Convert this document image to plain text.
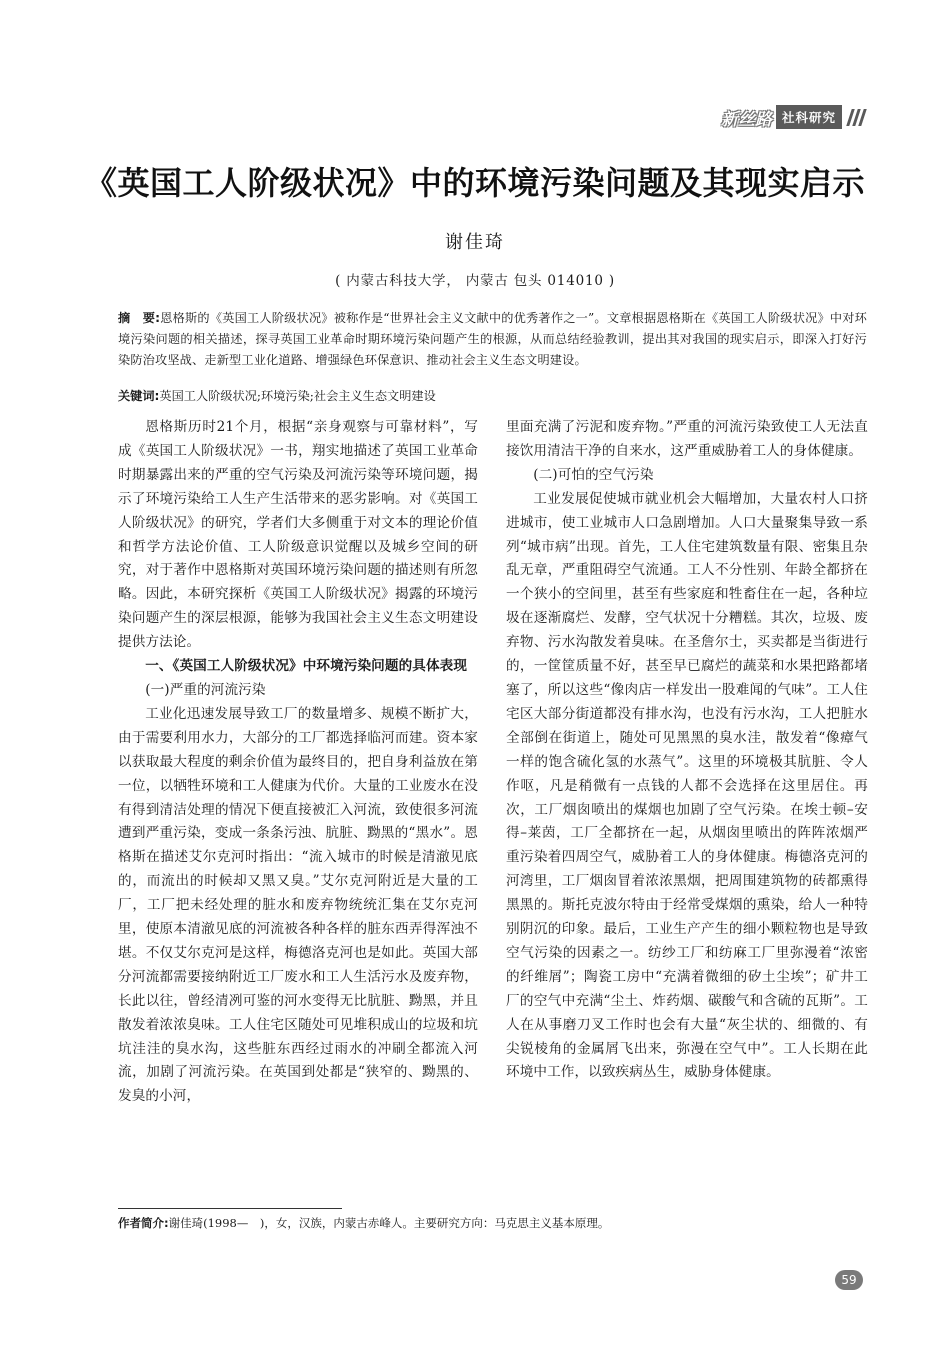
新丝路 社科研究
《英国工人阶级状况》中的环境污染问题及其现实启示
谢佳琦
( 内蒙古科技大学， 内蒙古 包头 014010 )
摘　要:恩格斯的《英国工人阶级状况》被称作是“世界社会主义文献中的优秀著作之一”。文章根据恩格斯在《英国工人阶级状况》中对环境污染问题的相关描述，探寻英国工业革命时期环境污染问题产生的根源，从而总结经验教训，提出其对我国的现实启示，即深入打好污染防治攻坚战、走新型工业化道路、增强绿色环保意识、推动社会主义生态文明建设。
关键词:英国工人阶级状况;环境污染;社会主义生态文明建设

恩格斯历时21个月，根据“亲身观察与可靠材料”，写成《英国工人阶级状况》一书，翔实地描述了英国工业革命时期暴露出来的严重的空气污染及河流污染等环境问题，揭示了环境污染给工人生产生活带来的恶劣影响。对《英国工人阶级状况》的研究，学者们大多侧重于对文本的理论价值和哲学方法论价值、工人阶级意识觉醒以及城乡空间的研究，对于著作中恩格斯对英国环境污染问题的描述则有所忽略。因此，本研究探析《英国工人阶级状况》揭露的环境污染问题产生的深层根源，能够为我国社会主义生态文明建设提供方法论。

一、《英国工人阶级状况》中环境污染问题的具体表现

(一)严重的河流污染

工业化迅速发展导致工厂的数量增多、规模不断扩大，由于需要利用水力，大部分的工厂都选择临河而建。资本家以获取最大程度的剩余价值为最终目的，把自身利益放在第一位，以牺牲环境和工人健康为代价。大量的工业废水在没有得到清洁处理的情况下便直接被汇入河流，致使很多河流遭到严重污染，变成一条条污浊、肮脏、黝黑的“黑水”。恩格斯在描述艾尔克河时指出：“流入城市的时候是清澈见底的，而流出的时候却又黑又臭。”艾尔克河附近是大量的工厂，工厂把未经处理的脏水和废弃物统统汇集在艾尔克河里，使原本清澈见底的河流被各种各样的脏东西弄得浑浊不堪。不仅艾尔克河是这样，梅德洛克河也是如此。英国大部分河流都需要接纳附近工厂废水和工人生活污水及废弃物，长此以往，曾经清冽可鉴的河水变得无比肮脏、黝黑，并且散发着浓浓臭味。工人住宅区随处可见堆积成山的垃圾和坑坑洼洼的臭水沟，这些脏东西经过雨水的冲刷全都流入河流，加剧了河流污染。在英国到处都是“狭窄的、黝黑的、发臭的小河，

里面充满了污泥和废弃物。”严重的河流污染致使工人无法直接饮用清洁干净的自来水，这严重威胁着工人的身体健康。

(二)可怕的空气污染

工业发展促使城市就业机会大幅增加，大量农村人口挤进城市，使工业城市人口急剧增加。人口大量聚集导致一系列“城市病”出现。首先，工人住宅建筑数量有限、密集且杂乱无章，严重阻碍空气流通。工人不分性别、年龄全都挤在一个狭小的空间里，甚至有些家庭和牲畜住在一起，各种垃圾在逐渐腐烂、发酵，空气状况十分糟糕。其次，垃圾、废弃物、污水沟散发着臭味。在圣詹尔士，买卖都是当街进行的，一筐筐质量不好，甚至早已腐烂的蔬菜和水果把路都堵塞了，所以这些“像肉店一样发出一股难闻的气味”。工人住宅区大部分街道都没有排水沟，也没有污水沟，工人把脏水全部倒在街道上，随处可见黑黑的臭水洼，散发着“像瘴气一样的饱含硫化氢的水蒸气”。这里的环境极其肮脏、令人作呕，凡是稍微有一点钱的人都不会选择在这里居住。再次，工厂烟囱喷出的煤烟也加剧了空气污染。在埃士顿–安得–莱茵，工厂全都挤在一起，从烟囱里喷出的阵阵浓烟严重污染着四周空气，威胁着工人的身体健康。梅德洛克河的河湾里，工厂烟囱冒着浓浓黑烟，把周围建筑物的砖都熏得黑黑的。斯托克波尔特由于经常受煤烟的熏染，给人一种特别阴沉的印象。最后，工业生产产生的细小颗粒物也是导致空气污染的因素之一。纺纱工厂和纺麻工厂里弥漫着“浓密的纤维屑”；陶瓷工房中“充满着微细的矽土尘埃”；矿井工厂的空气中充满“尘土、炸药烟、碳酸气和含硫的瓦斯”。工人在从事磨刀叉工作时也会有大量“灰尘状的、细微的、有尖锐棱角的金属屑飞出来，弥漫在空气中”。工人长期在此环境中工作，以致疾病丛生，威胁身体健康。

作者简介:谢佳琦(1998—　)，女，汉族，内蒙古赤峰人。主要研究方向：马克思主义基本原理。
59
